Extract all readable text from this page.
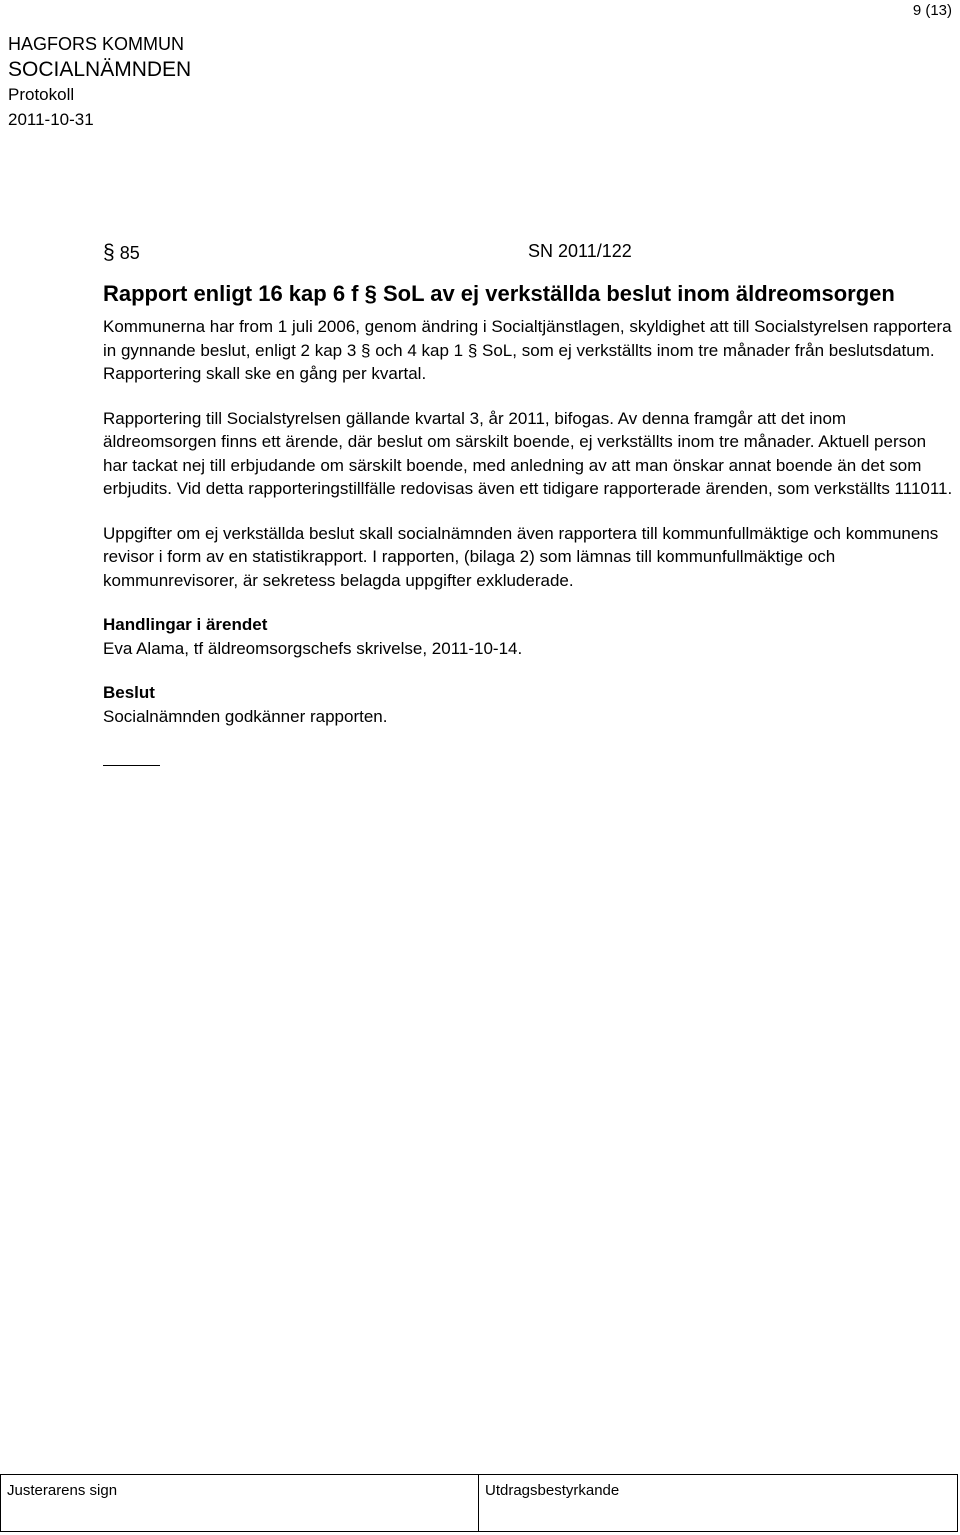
9 (13)
HAGFORS KOMMUN
SOCIALNÄMNDEN
Protokoll
2011-10-31
§ 85	SN 2011/122
Rapport enligt 16 kap 6 f § SoL av ej verkställda beslut inom äldreomsorgen

Kommunerna har from 1 juli 2006, genom ändring i Socialtjänstlagen, skyldighet att till Socialstyrelsen rapportera in gynnande beslut, enligt 2 kap 3 § och 4 kap 1 § SoL, som ej verkställts inom tre månader från beslutsdatum. Rapportering skall ske en gång per kvartal.

Rapportering till Socialstyrelsen gällande kvartal 3, år 2011, bifogas. Av denna framgår att det inom äldreomsorgen finns ett ärende, där beslut om särskilt boende, ej verkställts inom tre månader. Aktuell person har tackat nej till erbjudande om särskilt boende, med anledning av att man önskar annat boende än det som erbjudits. Vid detta rapporteringstillfälle redovisas även ett tidigare rapporterade ärenden, som verkställts 111011.

Uppgifter om ej verkställda beslut skall socialnämnden även rapportera till kommunfullmäktige och kommunens revisor i form av en statistikrapport. I rapporten, (bilaga 2) som lämnas till kommunfullmäktige och kommunrevisorer, är sekretess belagda uppgifter exkluderade.

Handlingar i ärendet

Eva Alama, tf äldreomsorgschefs skrivelse, 2011-10-14.

Beslut

Socialnämnden godkänner rapporten.

Justerarens sign	Utdragsbestyrkande
